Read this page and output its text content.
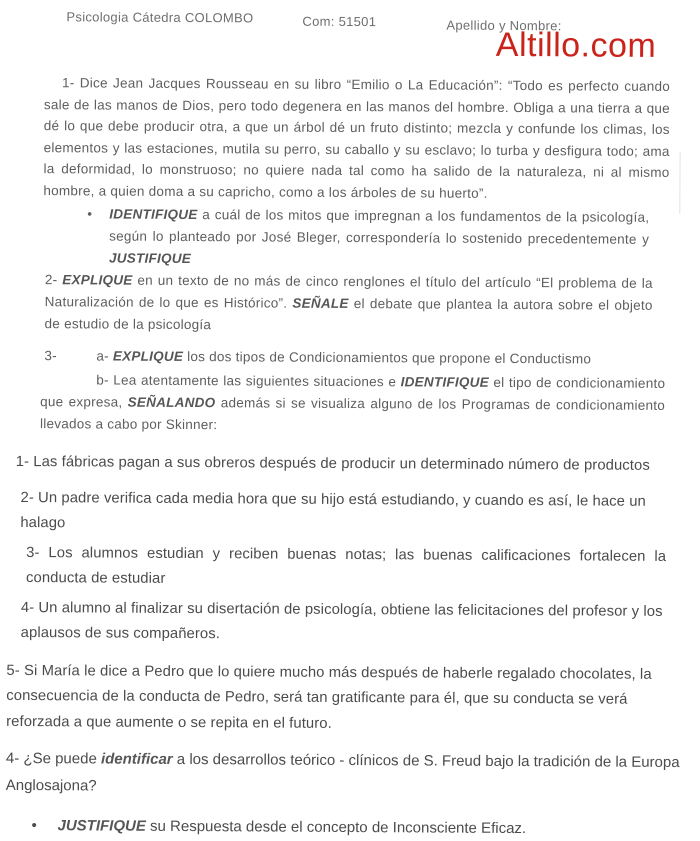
Psicologia Cátedra COLOMBO	Com: 51501	Apellido y Nombre:
Altillo.com

1- Dice Jean Jacques Rousseau en su libro “Emilio o La Educación”: “Todo es perfecto cuando sale de las manos de Dios, pero todo degenera en las manos del hombre. Obliga a una tierra a que dé lo que debe producir otra, a que un árbol dé un fruto distinto; mezcla y confunde los climas, los elementos y las estaciones, mutila su perro, su caballo y su esclavo; lo turba y desfigura todo; ama la deformidad, lo monstruoso; no quiere nada tal como ha salido de la naturaleza, ni al mismo hombre, a quien doma a su capricho, como a los árboles de su huerto”.

•	IDENTIFIQUE a cuál de los mitos que impregnan a los fundamentos de la psicología, según lo planteado por José Bleger, correspondería lo sostenido precedentemente y JUSTIFIQUE

2- EXPLIQUE en un texto de no más de cinco renglones el título del artículo “El problema de la Naturalización de lo que es Histórico”. SEÑALE el debate que plantea la autora sobre el objeto de estudio de la psicología

3-	a- EXPLIQUE los dos tipos de Condicionamientos que propone el Conductismo

b- Lea atentamente las siguientes situaciones e IDENTIFIQUE el tipo de condicionamiento que expresa, SEÑALANDO además si se visualiza alguno de los Programas de condicionamiento llevados a cabo por Skinner:

1- Las fábricas pagan a sus obreros después de producir un determinado número de productos

2- Un padre verifica cada media hora que su hijo está estudiando, y cuando es así, le hace un halago

3- Los alumnos estudian y reciben buenas notas; las buenas calificaciones fortalecen la conducta de estudiar

4- Un alumno al finalizar su disertación de psicología, obtiene las felicitaciones del profesor y los aplausos de sus compañeros.

5- Si María le dice a Pedro que lo quiere mucho más después de haberle regalado chocolates, la consecuencia de la conducta de Pedro, será tan gratificante para él, que su conducta se verá reforzada a que aumente o se repita en el futuro.

4- ¿Se puede identificar a los desarrollos teórico - clínicos de S. Freud bajo la tradición de la Europa Anglosajona?

•	JUSTIFIQUE su Respuesta desde el concepto de Inconsciente Eficaz.
